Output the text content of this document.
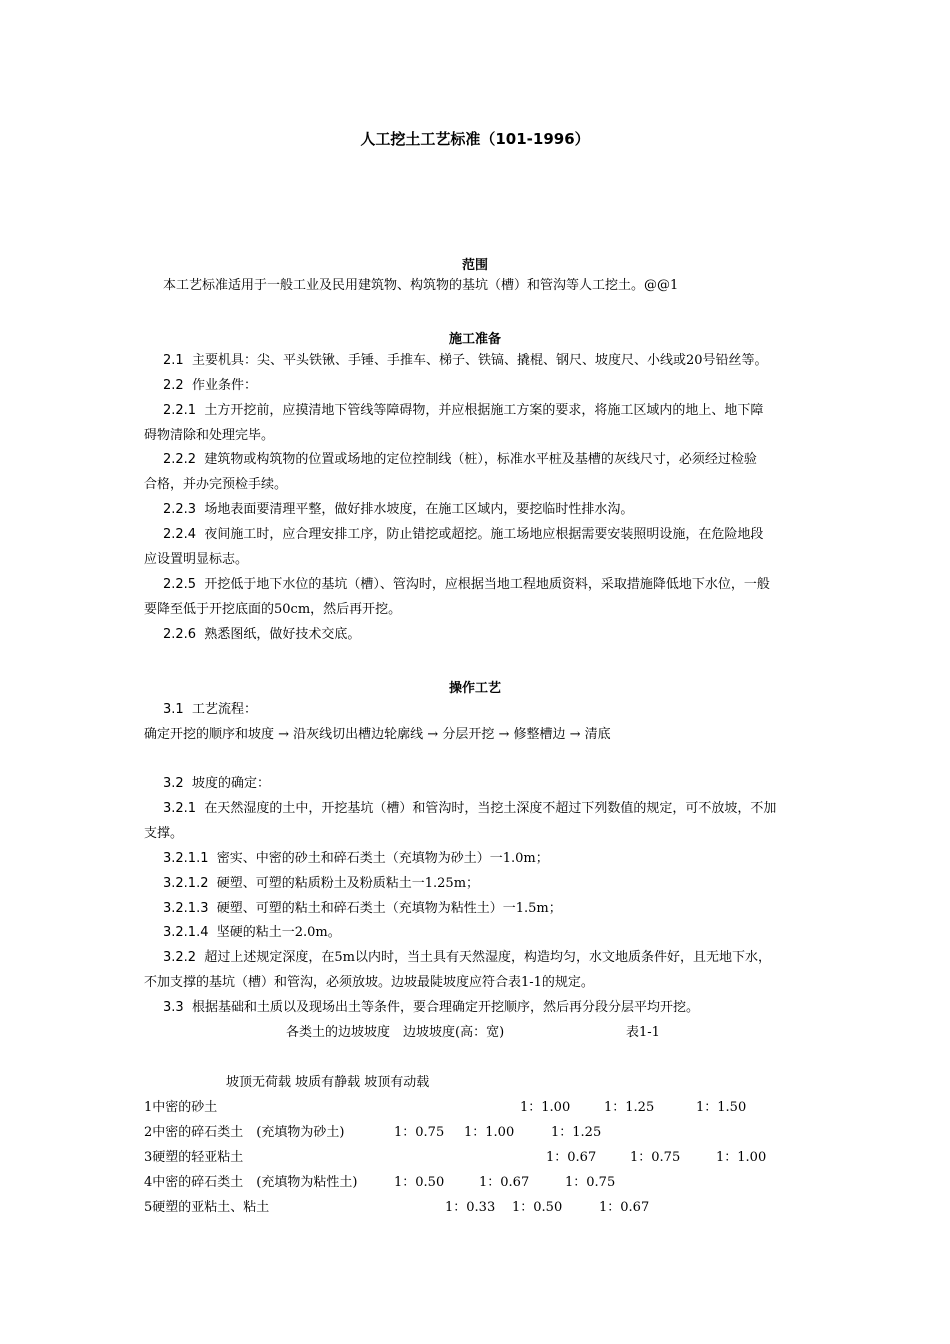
人工挖土工艺标准（101-1996）
范围
本工艺标准适用于一般工业及民用建筑物、构筑物的基坑（槽）和管沟等人工挖土。@@1
施工准备
2.1 主要机具：尖、平头铁锹、手锤、手推车、梯子、铁镐、撬棍、钢尺、坡度尺、小线或20号铅丝等。
2.2 作业条件：
2.2.1 土方开挖前，应摸清地下管线等障碍物，并应根据施工方案的要求，将施工区域内的地上、地下障
碍物清除和处理完毕。
2.2.2 建筑物或构筑物的位置或场地的定位控制线（桩），标准水平桩及基槽的灰线尺寸，必须经过检验
合格，并办完预检手续。
2.2.3 场地表面要清理平整，做好排水坡度，在施工区域内，要挖临时性排水沟。
2.2.4 夜间施工时，应合理安排工序，防止错挖或超挖。施工场地应根据需要安装照明设施，在危险地段
应设置明显标志。
2.2.5 开挖低于地下水位的基坑（槽）、管沟时，应根据当地工程地质资料，采取措施降低地下水位，一般
要降至低于开挖底面的50cm，然后再开挖。
2.2.6 熟悉图纸，做好技术交底。
操作工艺
3.1 工艺流程：
确定开挖的顺序和坡度 → 沿灰线切出槽边轮廓线 → 分层开挖 → 修整槽边 → 清底
3.2 坡度的确定：
3.2.1 在天然湿度的土中，开挖基坑（槽）和管沟时，当挖土深度不超过下列数值的规定，可不放坡，不加
支撑。
3.2.1.1 密实、中密的砂土和碎石类土（充填物为砂土）一1.0m；
3.2.1.2 硬塑、可塑的粘质粉土及粉质粘土一1.25m；
3.2.1.3 硬塑、可塑的粘土和碎石类土（充填物为粘性土）一1.5m；
3.2.1.4 坚硬的粘土一2.0m。
3.2.2 超过上述规定深度，在5m以内时，当土具有天然湿度，构造均匀，水文地质条件好，且无地下水，
不加支撑的基坑（槽）和管沟，必须放坡。边坡最陡坡度应符合表1-1的规定。
3.3 根据基础和土质以及现场出土等条件，要合理确定开挖顺序，然后再分段分层平均开挖。
各类土的边坡坡度　边坡坡度(高：宽)	表1-1
坡顶无荷载 坡质有静载 坡顶有动载
1中密的砂土	1：1.00	1：1.25	1：1.50
2中密的碎石类土　(充填物为砂土)	1：0.75 1：1.00	1：1.25
3硬塑的轻亚粘土	1：0.67	1：0.75	1：1.00
4中密的碎石类土　(充填物为粘性土)	1：0.50	1：0.67	1：0.75
5硬塑的亚粘土、粘土	1：0.33 1：0.50	1：0.67
